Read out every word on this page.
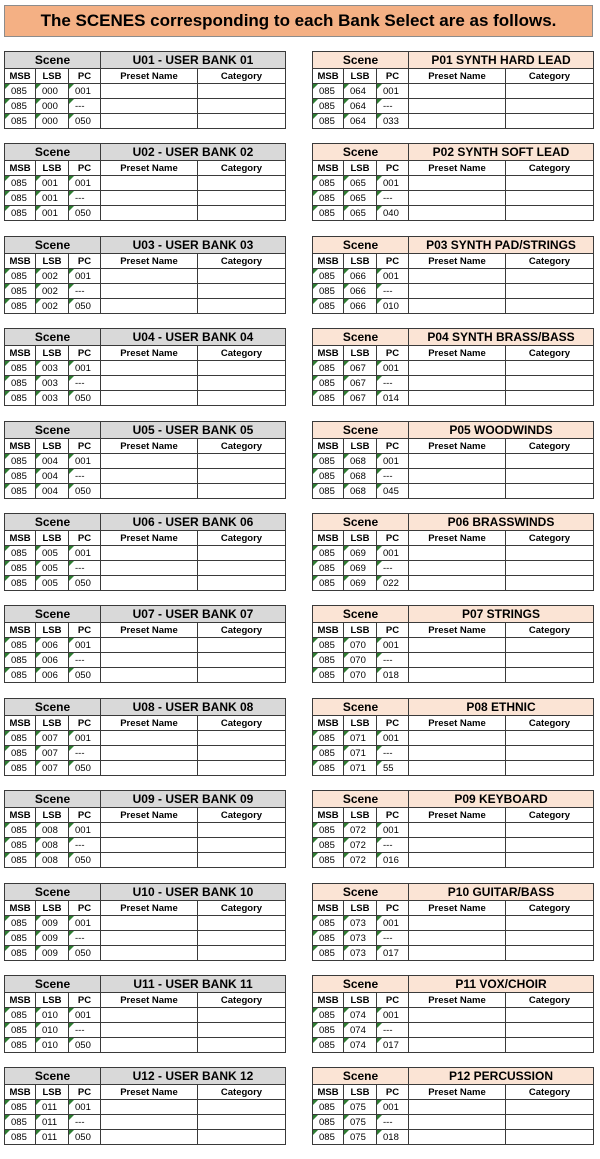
The SCENES corresponding to each Bank Select are as follows.
Scene			U01 - USER BANK 01	
MSB	LSB	PC	Preset Name	Category
085	000	001		
085	000	---		
085	000	050		
Scene			P01 SYNTH HARD LEAD	
MSB	LSB	PC	Preset Name	Category
085	064	001		
085	064	---		
085	064	033		
Scene			U02 - USER BANK 02	
MSB	LSB	PC	Preset Name	Category
085	001	001		
085	001	---		
085	001	050		
Scene			P02 SYNTH SOFT LEAD	
MSB	LSB	PC	Preset Name	Category
085	065	001		
085	065	---		
085	065	040		
Scene			U03 - USER BANK 03	
MSB	LSB	PC	Preset Name	Category
085	002	001		
085	002	---		
085	002	050		
Scene			P03 SYNTH PAD/STRINGS	
MSB	LSB	PC	Preset Name	Category
085	066	001		
085	066	---		
085	066	010		
Scene			U04 - USER BANK 04	
MSB	LSB	PC	Preset Name	Category
085	003	001		
085	003	---		
085	003	050		
Scene			P04 SYNTH BRASS/BASS	
MSB	LSB	PC	Preset Name	Category
085	067	001		
085	067	---		
085	067	014		
Scene			U05 - USER BANK 05	
MSB	LSB	PC	Preset Name	Category
085	004	001		
085	004	---		
085	004	050		
Scene			P05 WOODWINDS	
MSB	LSB	PC	Preset Name	Category
085	068	001		
085	068	---		
085	068	045		
Scene			U06 - USER BANK 06	
MSB	LSB	PC	Preset Name	Category
085	005	001		
085	005	---		
085	005	050		
Scene			P06 BRASSWINDS	
MSB	LSB	PC	Preset Name	Category
085	069	001		
085	069	---		
085	069	022		
Scene			U07 - USER BANK 07	
MSB	LSB	PC	Preset Name	Category
085	006	001		
085	006	---		
085	006	050		
Scene			P07 STRINGS	
MSB	LSB	PC	Preset Name	Category
085	070	001		
085	070	---		
085	070	018		
Scene			U08 - USER BANK 08	
MSB	LSB	PC	Preset Name	Category
085	007	001		
085	007	---		
085	007	050		
Scene			P08 ETHNIC	
MSB	LSB	PC	Preset Name	Category
085	071	001		
085	071	---		
085	071	55		
Scene			U09 - USER BANK 09	
MSB	LSB	PC	Preset Name	Category
085	008	001		
085	008	---		
085	008	050		
Scene			P09 KEYBOARD	
MSB	LSB	PC	Preset Name	Category
085	072	001		
085	072	---		
085	072	016		
Scene			U10 - USER BANK 10	
MSB	LSB	PC	Preset Name	Category
085	009	001		
085	009	---		
085	009	050		
Scene			P10 GUITAR/BASS	
MSB	LSB	PC	Preset Name	Category
085	073	001		
085	073	---		
085	073	017		
Scene			U11 - USER BANK 11	
MSB	LSB	PC	Preset Name	Category
085	010	001		
085	010	---		
085	010	050		
Scene			P11 VOX/CHOIR	
MSB	LSB	PC	Preset Name	Category
085	074	001		
085	074	---		
085	074	017		
Scene			U12 - USER BANK 12	
MSB	LSB	PC	Preset Name	Category
085	011	001		
085	011	---		
085	011	050		
Scene			P12 PERCUSSION	
MSB	LSB	PC	Preset Name	Category
085	075	001		
085	075	---		
085	075	018		
